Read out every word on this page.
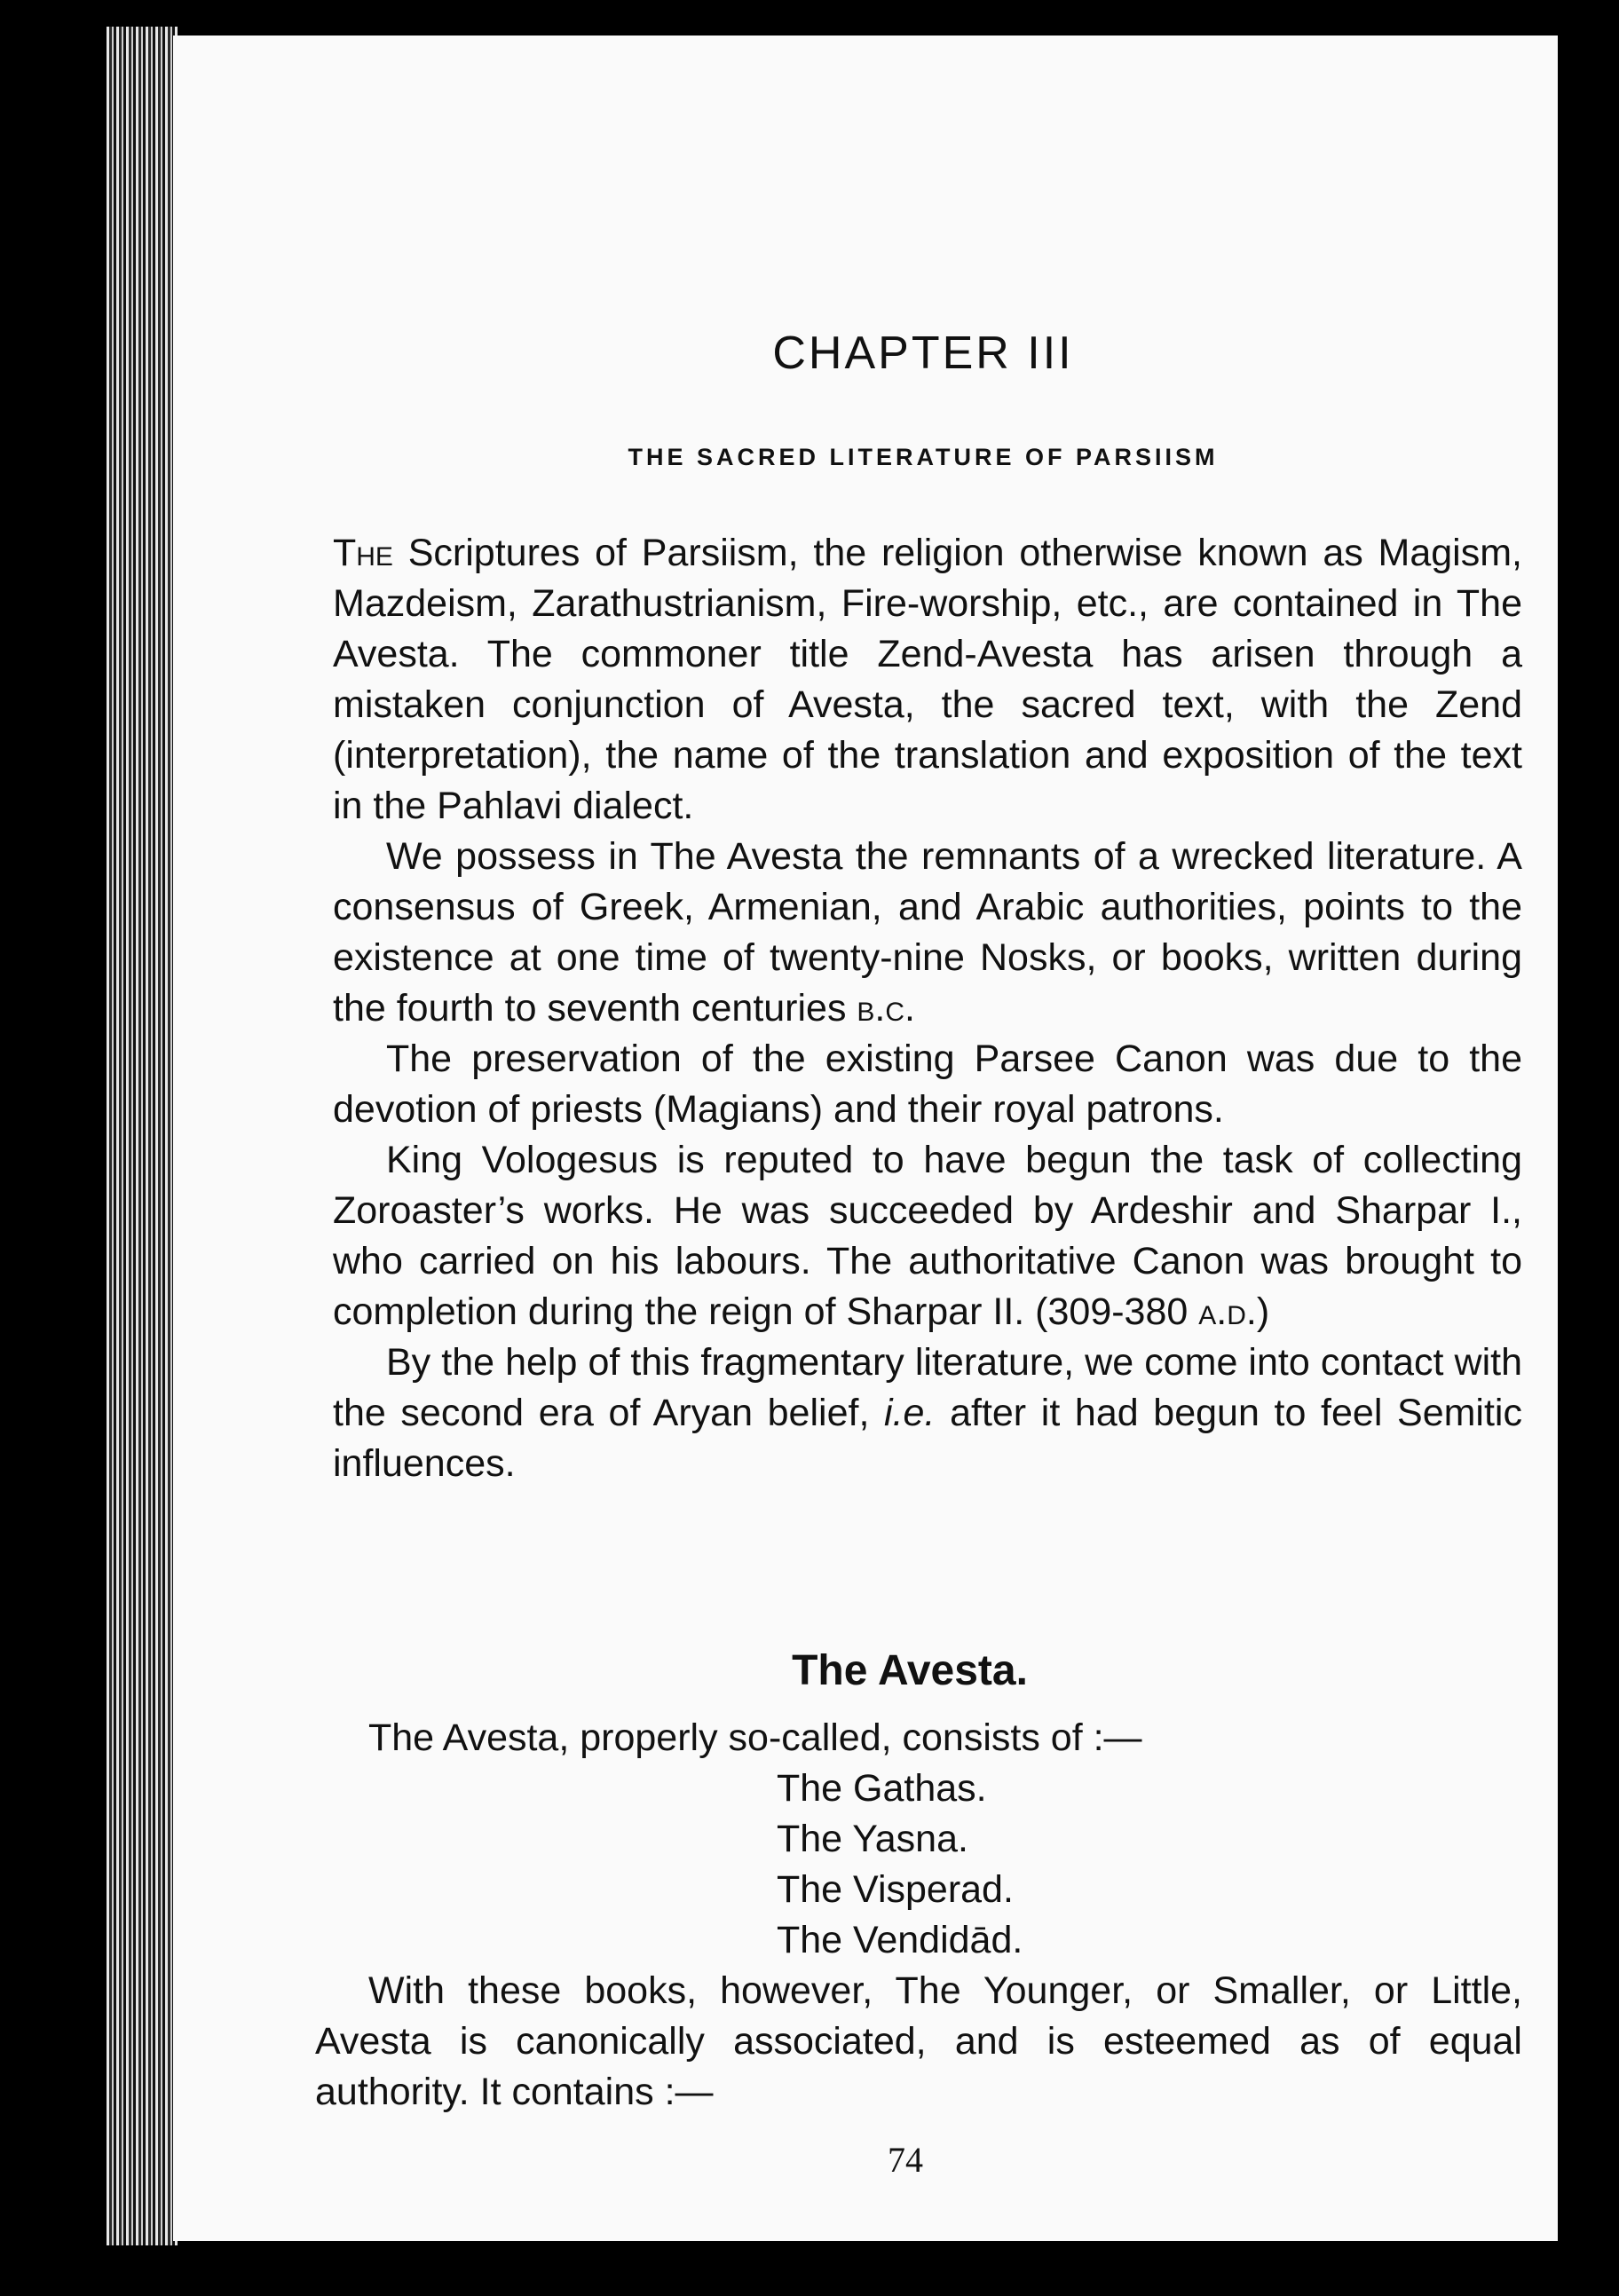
CHAPTER III
THE SACRED LITERATURE OF PARSIISM

The Scriptures of Parsiism, the religion otherwise known as Magism, Mazdeism, Zarathustrianism, Fire-worship, etc., are contained in The Avesta. The commoner title Zend-Avesta has arisen through a mistaken conjunction of Avesta, the sacred text, with the Zend (interpretation), the name of the translation and exposition of the text in the Pahlavi dialect.

We possess in The Avesta the remnants of a wrecked literature. A consensus of Greek, Armenian, and Arabic authorities, points to the existence at one time of twenty-nine Nosks, or books, written during the fourth to seventh centuries b.c.

The preservation of the existing Parsee Canon was due to the devotion of priests (Magians) and their royal patrons.

King Vologesus is reputed to have begun the task of collecting Zoroaster’s works. He was succeeded by Ardeshir and Sharpar I., who carried on his labours. The authoritative Canon was brought to completion during the reign of Sharpar II. (309-380 a.d.)

By the help of this fragmentary literature, we come into contact with the second era of Aryan belief, i.e. after it had begun to feel Semitic influences.

The Avesta.

The Avesta, properly so-called, consists of :—

The Gathas.
The Yasna.
The Visperad.
The Vendidād.

With these books, however, The Younger, or Smaller, or Little, Avesta is canonically associated, and is esteemed as of equal authority. It contains :—

74
